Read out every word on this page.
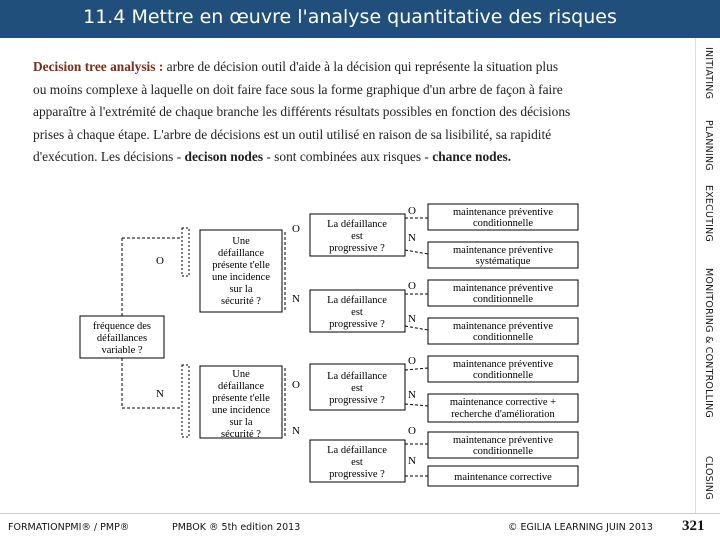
11.4 Mettre en œuvre l'analyse quantitative des risques
INITIATING
PLANNING
EXECUTING
MONITORING & CONTROLLING
CLOSING
Decision tree analysis : arbre de décision outil d'aide à la décision qui représente la situation plus
ou moins complexe à laquelle on doit faire face sous la forme graphique d'un arbre de façon à faire
apparaître à l'extrémité de chaque branche les différents résultats possibles en fonction des décisions
prises à chaque étape. L'arbre de décisions est un outil utilisé en raison de sa lisibilité, sa rapidité
d'exécution. Les décisions - decison nodes - sont combinées aux risques - chance nodes.
fréquence des
défaillances
variable ?
O
N
Une
défaillance
présente t'elle
une incidence
sur la
sécurité ?
Une
défaillance
présente t'elle
une incidence
sur la
sécurité ?
O
N
O
N
La défaillance
est
progressive ?
La défaillance
est
progressive ?
La défaillance
est
progressive ?
La défaillance
est
progressive ?
O
N
O
N
O
N
O
N
maintenance préventive
conditionnelle
maintenance préventive
systématique
maintenance préventive
conditionnelle
maintenance préventive
conditionnelle
maintenance préventive
conditionnelle
maintenance corrective +
recherche d'amélioration
maintenance préventive
conditionnelle
maintenance corrective
FORMATIONPMI® / PMP®	PMBOK ® 5th edition 2013	© EGILIA LEARNING JUIN 2013 321
